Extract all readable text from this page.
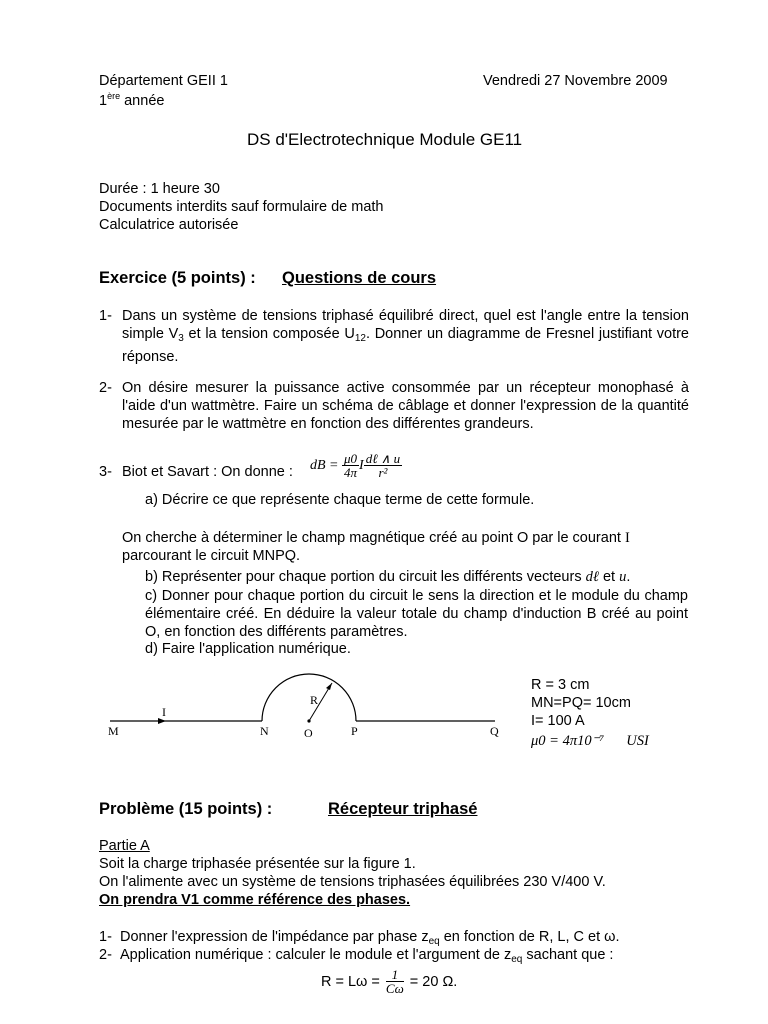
Département GEII 1
1ère année
Vendredi 27 Novembre 2009
DS d'Electrotechnique Module GE11
Durée : 1 heure 30
Documents interdits sauf formulaire de math
Calculatrice autorisée
Exercice (5 points) : Questions de cours
1- Dans un système de tensions triphasé équilibré direct, quel est l'angle entre la tension simple $V_3$ et la tension composée $U_{12}$. Donner un diagramme de Fresnel justifiant votre réponse.
2- On désire mesurer la puissance active consommée par un récepteur monophasé à l'aide d'un wattmètre. Faire un schéma de câblage et donner l'expression de la quantité mesurée par le wattmètre en fonction des différentes grandeurs.
3- Biot et Savart : On donne : dB = $\frac{\mu 0}{4\pi}$ I $\frac{\text{dℓ ∧ u}}{\text{r²}}$
a) Décrire ce que représente chaque terme de cette formule.
On cherche à déterminer le champ magnétique créé au point O par le courant I
parcourant le circuit MNPQ.
b) Représenter pour chaque portion du circuit les différents vecteurs dℓ et u.
c) Donner pour chaque portion du circuit le sens la direction et le module du champ élémentaire créé. En déduire la valeur totale du champ d'induction B créé au point O, en fonction des différents paramètres.
d) Faire l'application numérique.
I
R
M	N	O	P	Q
R = 3 cm
MN=PQ= 10cm
I= 100 A
μ0 = 4π10⁻⁷ USI
Problème (15 points) :	Récepteur triphasé
Partie A
Soit la charge triphasée présentée sur la figure 1.
On l'alimente avec un système de tensions triphasées équilibrées 230 V/400 V.
On prendra V1 comme référence des phases.
1- Donner l'expression de l'impédance par phase $z_{eq}$ en fonction de R, L, C et ω.
2- Application numérique : calculer le module et l'argument de $z_{eq}$ sachant que :
$R = L\omega = \frac{1}{C\omega} = 20$ Ω.
